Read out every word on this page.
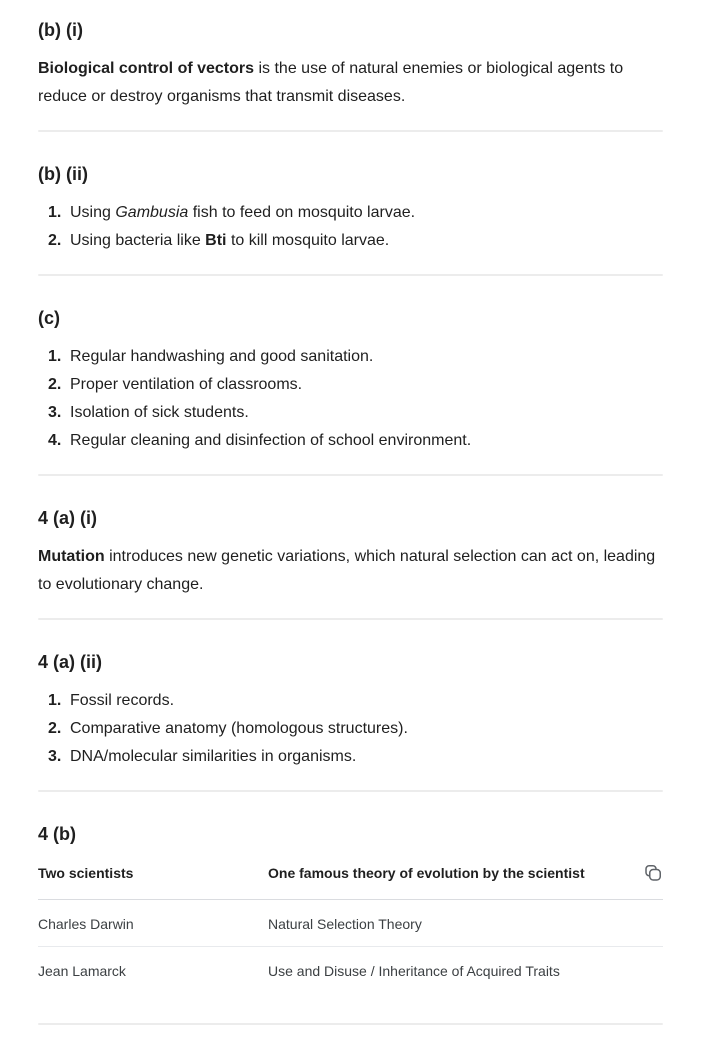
(b) (i)

Biological control of vectors is the use of natural enemies or biological agents to reduce or destroy organisms that transmit diseases.

(b) (ii)
1. Using Gambusia fish to feed on mosquito larvae.
2. Using bacteria like Bti to kill mosquito larvae.
(c)
1. Regular handwashing and good sanitation.
2. Proper ventilation of classrooms.
3. Isolation of sick students.
4. Regular cleaning and disinfection of school environment.
4 (a) (i)

Mutation introduces new genetic variations, which natural selection can act on, leading to evolutionary change.

4 (a) (ii)
1. Fossil records.
2. Comparative anatomy (homologous structures).
3. DNA/molecular similarities in organisms.
4 (b)
Two scientists	One famous theory of evolution by the scientist	

Charles Darwin	Natural Selection Theory	
Jean Lamarck	Use and Disuse / Inheritance of Acquired Traits	
